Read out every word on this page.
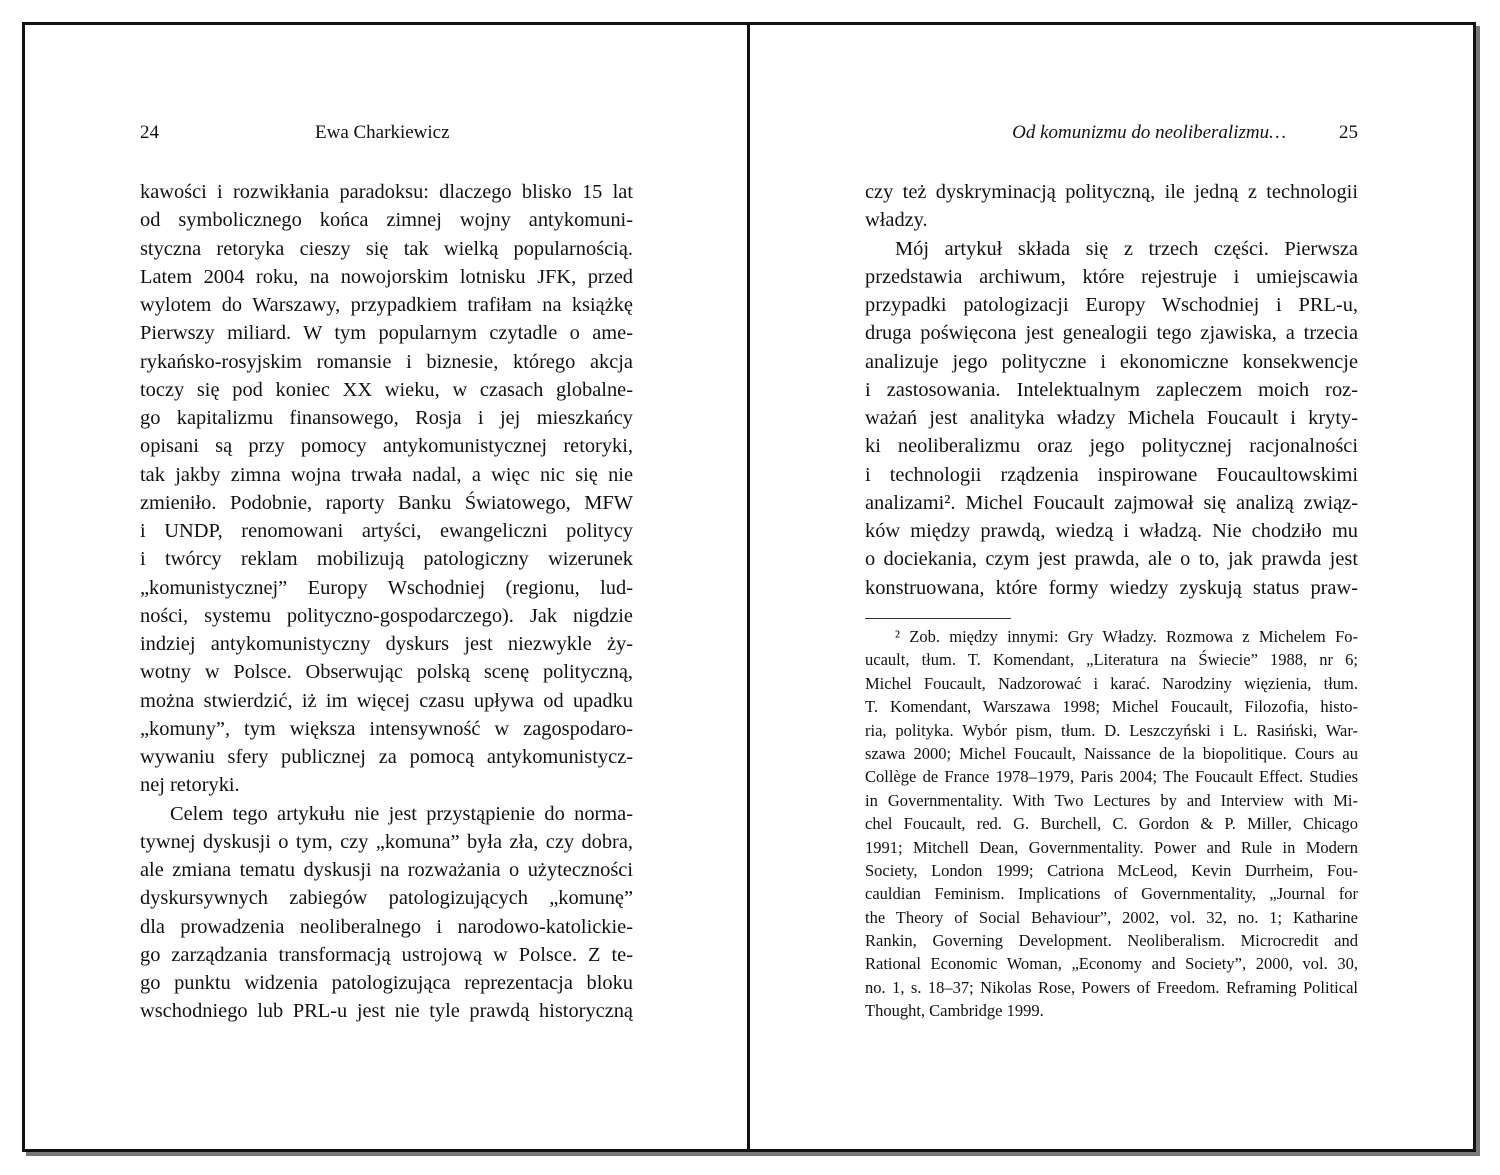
24	Ewa Charkiewicz
kawości i rozwikłania paradoksu: dlaczego blisko 15 lat
od symbolicznego końca zimnej wojny antykomuni-
styczna retoryka cieszy się tak wielką popularnością.
Latem 2004 roku, na nowojorskim lotnisku JFK, przed
wylotem do Warszawy, przypadkiem trafiłam na książkę
Pierwszy miliard. W tym popularnym czytadle o ame-
rykańsko-rosyjskim romansie i biznesie, którego akcja
toczy się pod koniec XX wieku, w czasach globalne-
go kapitalizmu finansowego, Rosja i jej mieszkańcy
opisani są przy pomocy antykomunistycznej retoryki,
tak jakby zimna wojna trwała nadal, a więc nic się nie
zmieniło. Podobnie, raporty Banku Światowego, MFW
i UNDP, renomowani artyści, ewangeliczni politycy
i twórcy reklam mobilizują patologiczny wizerunek
„komunistycznej” Europy Wschodniej (regionu, lud-
ności, systemu polityczno-gospodarczego). Jak nigdzie
indziej antykomunistyczny dyskurs jest niezwykle ży-
wotny w Polsce. Obserwując polską scenę polityczną,
można stwierdzić, iż im więcej czasu upływa od upadku
„komuny”, tym większa intensywność w zagospodaro-
wywaniu sfery publicznej za pomocą antykomunistycz-
nej retoryki.
Celem tego artykułu nie jest przystąpienie do norma-
tywnej dyskusji o tym, czy „komuna” była zła, czy dobra,
ale zmiana tematu dyskusji na rozważania o użyteczności
dyskursywnych zabiegów patologizujących „komunę”
dla prowadzenia neoliberalnego i narodowo-katolickie-
go zarządzania transformacją ustrojową w Polsce. Z te-
go punktu widzenia patologizująca reprezentacja bloku
wschodniego lub PRL-u jest nie tyle prawdą historyczną
Od komunizmu do neoliberalizmu…	25
czy też dyskryminacją polityczną, ile jedną z technologii
władzy.
Mój artykuł składa się z trzech części. Pierwsza
przedstawia archiwum, które rejestruje i umiejscawia
przypadki patologizacji Europy Wschodniej i PRL-u,
druga poświęcona jest genealogii tego zjawiska, a trzecia
analizuje jego polityczne i ekonomiczne konsekwencje
i zastosowania. Intelektualnym zapleczem moich roz-
ważań jest analityka władzy Michela Foucault i kryty-
ki neoliberalizmu oraz jego politycznej racjonalności
i technologii rządzenia inspirowane Foucaultowskimi
analizami². Michel Foucault zajmował się analizą związ-
ków między prawdą, wiedzą i władzą. Nie chodziło mu
o dociekania, czym jest prawda, ale o to, jak prawda jest
konstruowana, które formy wiedzy zyskują status praw-
² Zob. między innymi: Gry Władzy. Rozmowa z Michelem Fo-
ucault, tłum. T. Komendant, „Literatura na Świecie” 1988, nr 6;
Michel Foucault, Nadzorować i karać. Narodziny więzienia, tłum.
T. Komendant, Warszawa 1998; Michel Foucault, Filozofia, histo-
ria, polityka. Wybór pism, tłum. D. Leszczyński i L. Rasiński, War-
szawa 2000; Michel Foucault, Naissance de la biopolitique. Cours au
Collège de France 1978–1979, Paris 2004; The Foucault Effect. Studies
in Governmentality. With Two Lectures by and Interview with Mi-
chel Foucault, red. G. Burchell, C. Gordon & P. Miller, Chicago
1991; Mitchell Dean, Governmentality. Power and Rule in Modern
Society, London 1999; Catriona McLeod, Kevin Durrheim, Fou-
cauldian Feminism. Implications of Governmentality, „Journal for
the Theory of Social Behaviour”, 2002, vol. 32, no. 1; Katharine
Rankin, Governing Development. Neoliberalism. Microcredit and
Rational Economic Woman, „Economy and Society”, 2000, vol. 30,
no. 1, s. 18–37; Nikolas Rose, Powers of Freedom. Reframing Political
Thought, Cambridge 1999.
